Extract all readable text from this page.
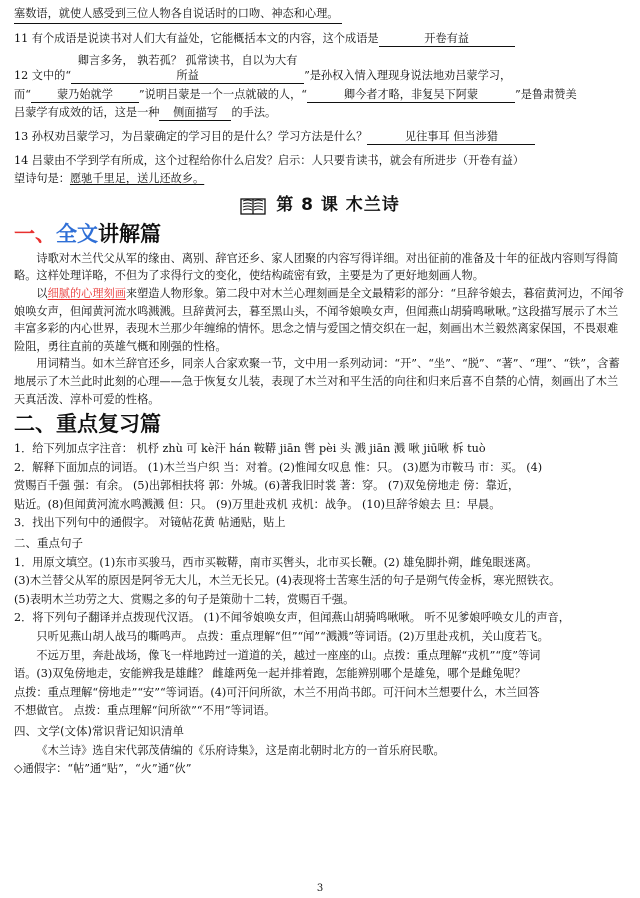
塞数语，就使人感受到三位人物各自说话时的口吻、神态和心理。

11 有个成语是说读书对人们大有益处，它能概括本文的内容，这个成语是	开卷有益

12 文中的“卿言多务， 孰若孤？ 孤常读书，自以为大有所益	”是孙权入情入理现身说法地劝吕蒙学习，

而“ 蒙乃始就学 ”说明吕蒙是一个一点就破的人，“	卿今者才略，非复吴下阿蒙	”是鲁肃赞美

吕蒙学有成效的话，这是一种 侧面描写 的手法。

13 孙权劝吕蒙学习，为吕蒙确定的学习目的是什么？学习方法是什么？	见往事耳 但当涉猎

14 吕蒙由不学到学有所成，这个过程给你什么启发？启示：人只要肯读书，就会有所进步（开卷有益）

望诗句是：愿驰千里足，送儿还故乡。

第 8 课 木兰诗
一、全文讲解篇

诗歌对木兰代父从军的缘由、离别、辞官还乡、家人团聚的内容写得详细。对出征前的准备及十年的征战内容则写得简略。这样处理详略，不但为了求得行文的变化，使结构疏密有致，主要是为了更好地刻画人物。

以细腻的心理刻画来塑造人物形象。第二段中对木兰心理刻画是全文最精彩的部分：“旦辞爷娘去，暮宿黄河边，不闻爷娘唤女声，但闻黄河流水鸣溅溅。旦辞黄河去，暮至黑山头，不闻爷娘唤女声，但闻燕山胡骑鸣啾啾。”这段描写展示了木兰丰富多彩的内心世界，表现木兰那少年缠绵的情怀。思念之情与爱国之情交织在一起，刻画出木兰毅然离家保国，不畏艰难险阻，勇往直前的英雄气概和刚强的性格。

用词精当。如木兰辞官还乡，同亲人合家欢聚一节，文中用一系列动词：“开”、“坐”、“脱”、“著”、“理”、“铁”，含蓄地展示了木兰此时此刻的心理——急于恢复女儿装，表现了木兰对和平生活的向往和归来后喜不自禁的心情，刻画出了木兰天真活泼、淳朴可爱的性格。

二、重点复习篇

1．给下列加点字注音： 机杼 zhù 可 kè汗 hán 鞍鞯 jiān 辔 pèi 头 溅 jiān 溅 啾 jiū啾 柝 tuò

2．解释下面加点的词语。 (1)木兰当户织 当：对着。(2)惟闻女叹息 惟：只。 (3)愿为市鞍马 市：买。 (4)

赏赐百千强 强：有余。 (5)出郭相扶将 郭：外城。(6)著我旧时裳 著：穿。 (7)双兔傍地走 傍：靠近，

贴近。(8)但闻黄河流水鸣溅溅 但：只。 (9)万里赴戎机 戎机：战争。 (10)旦辞爷娘去 旦：早晨。

3．找出下列句中的通假字。 对镜帖花黄 帖通贴，贴上

二、重点句子

1．用原文填空。(1)东市买骏马，西市买鞍鞯，南市买辔头，北市买长鞭。(2) 雄兔脚扑朔，雌兔眼迷离。

(3)木兰替父从军的原因是阿爷无大儿，木兰无长兄。(4)表现将士苦寒生活的句子是朔气传金柝，寒光照铁衣。

(5)表明木兰功劳之大、赏赐之多的句子是策勋十二转，赏赐百千强。

2．将下列句子翻译并点拨现代汉语。 (1)不闻爷娘唤女声，但闻燕山胡骑鸣啾啾。 听不见爹娘呼唤女儿的声音，

只听见燕山胡人战马的嘶鸣声。 点拨：重点理解“但”“闻”“溅溅”等词语。(2)万里赴戎机，关山度若飞。

不远万里，奔赴战场，像飞一样地跨过一道道的关，越过一座座的山。点拨：重点理解“戎机”“度”等词

语。(3)双兔傍地走，安能辨我是雄雌？ 雌雄两兔一起并排着跑，怎能辨别哪个是雄兔，哪个是雌兔呢？

点拨：重点理解“傍地走”“安”“等词语。(4)可汗问所欲，木兰不用尚书郎。可汗问木兰想要什么，木兰回答

不想做官。 点拨：重点理解“问所欲”“不用”等词语。

四、文学(文体)常识背记知识清单

《木兰诗》选自宋代郭茂倩编的《乐府诗集》，这是南北朝时北方的一首乐府民歌。

◇通假字：“帖”通“贴”，“火”通“伙”

3
